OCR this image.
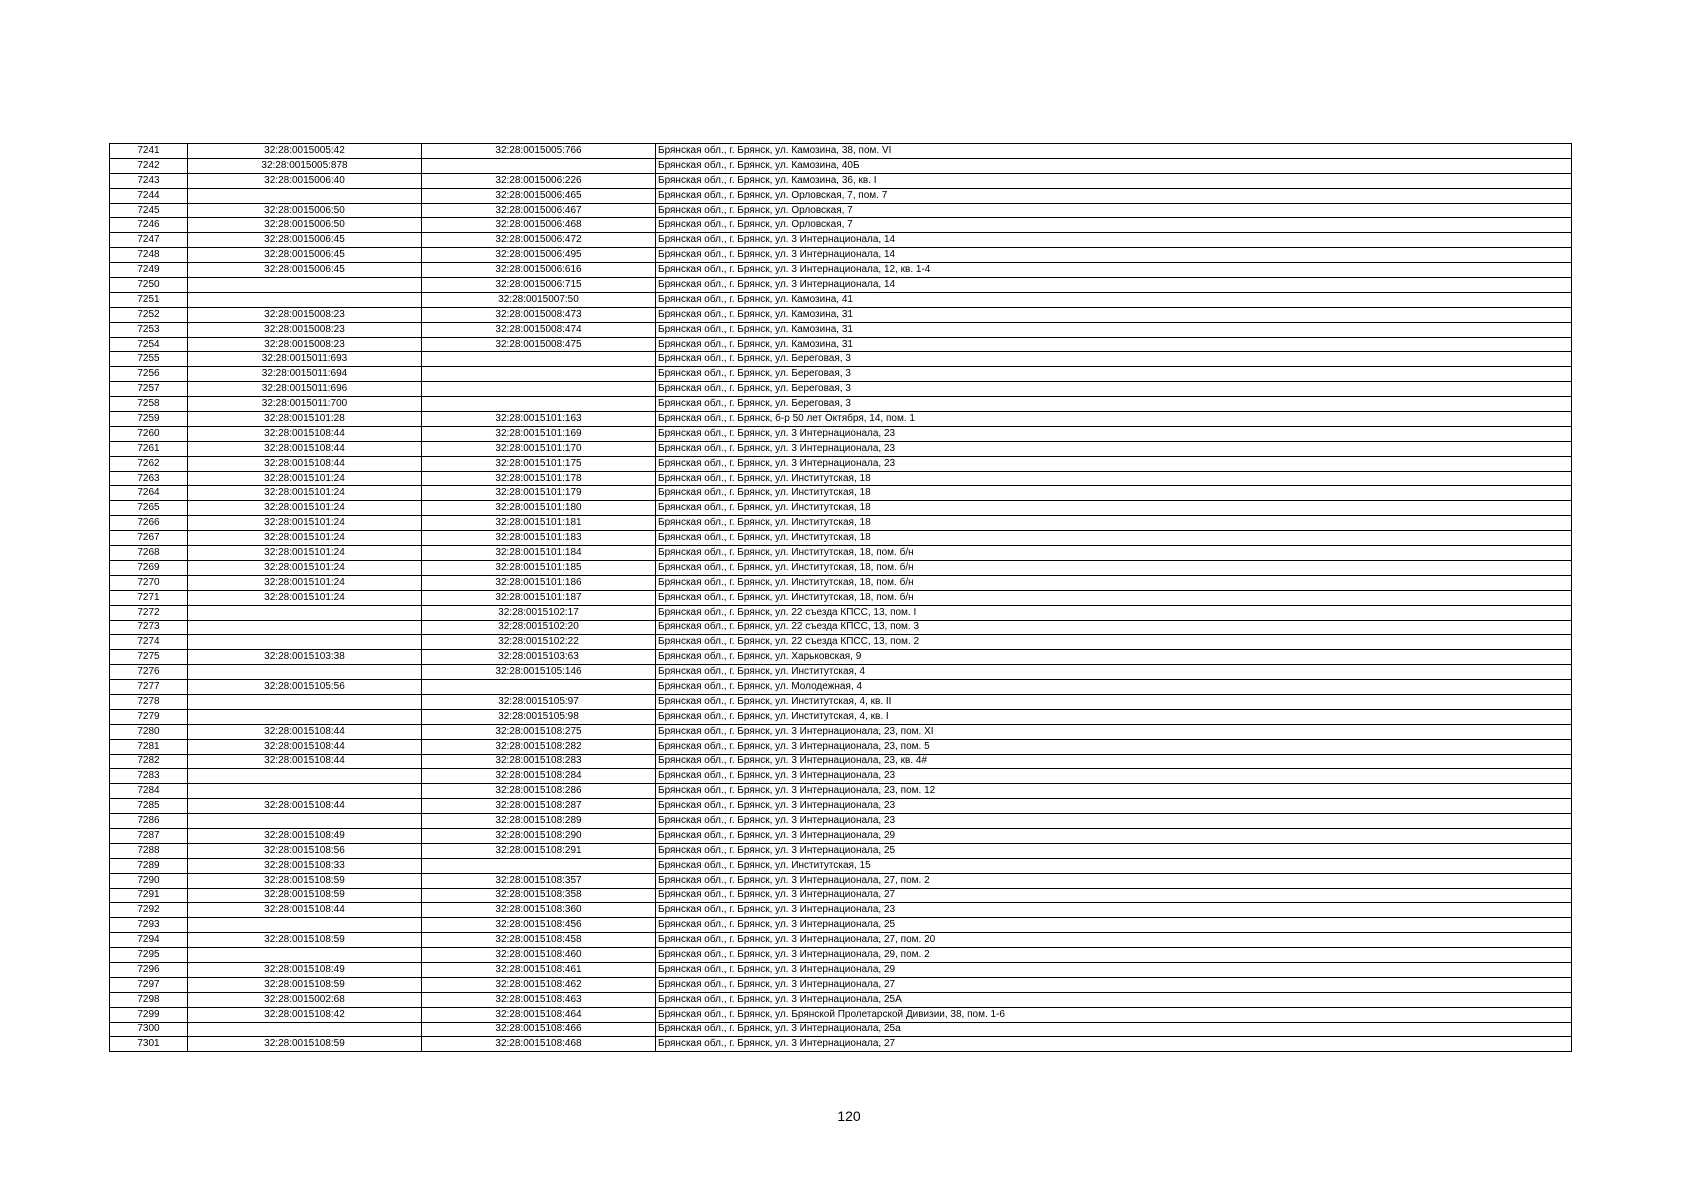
7241	32:28:0015005:42	32:28:0015005:766	Брянская обл., г. Брянск, ул. Камозина, 38, пом. VI
7242	32:28:0015005:878		Брянская обл., г. Брянск, ул. Камозина, 40Б
7243	32:28:0015006:40	32:28:0015006:226	Брянская обл., г. Брянск, ул. Камозина, 36, кв. I
7244		32:28:0015006:465	Брянская обл., г. Брянск, ул. Орловская, 7, пом. 7
7245	32:28:0015006:50	32:28:0015006:467	Брянская обл., г. Брянск, ул. Орловская, 7
7246	32:28:0015006:50	32:28:0015006:468	Брянская обл., г. Брянск, ул. Орловская, 7
7247	32:28:0015006:45	32:28:0015006:472	Брянская обл., г. Брянск, ул. 3 Интернационала, 14
7248	32:28:0015006:45	32:28:0015006:495	Брянская обл., г. Брянск, ул. 3 Интернационала, 14
7249	32:28:0015006:45	32:28:0015006:616	Брянская обл., г. Брянск, ул. 3 Интернационала, 12, кв. 1-4
7250		32:28:0015006:715	Брянская обл., г. Брянск, ул. 3 Интернационала, 14
7251		32:28:0015007:50	Брянская обл., г. Брянск, ул. Камозина, 41
7252	32:28:0015008:23	32:28:0015008:473	Брянская обл., г. Брянск, ул. Камозина, 31
7253	32:28:0015008:23	32:28:0015008:474	Брянская обл., г. Брянск, ул. Камозина, 31
7254	32:28:0015008:23	32:28:0015008:475	Брянская обл., г. Брянск, ул. Камозина, 31
7255	32:28:0015011:693		Брянская обл., г. Брянск, ул. Береговая, 3
7256	32:28:0015011:694		Брянская обл., г. Брянск, ул. Береговая, 3
7257	32:28:0015011:696		Брянская обл., г. Брянск, ул. Береговая, 3
7258	32:28:0015011:700		Брянская обл., г. Брянск, ул. Береговая, 3
7259	32:28:0015101:28	32:28:0015101:163	Брянская обл., г. Брянск, б-р 50 лет Октября, 14, пом. 1
7260	32:28:0015108:44	32:28:0015101:169	Брянская обл., г. Брянск, ул. 3 Интернационала, 23
7261	32:28:0015108:44	32:28:0015101:170	Брянская обл., г. Брянск, ул. 3 Интернационала, 23
7262	32:28:0015108:44	32:28:0015101:175	Брянская обл., г. Брянск, ул. 3 Интернационала, 23
7263	32:28:0015101:24	32:28:0015101:178	Брянская обл., г. Брянск, ул. Институтская, 18
7264	32:28:0015101:24	32:28:0015101:179	Брянская обл., г. Брянск, ул. Институтская, 18
7265	32:28:0015101:24	32:28:0015101:180	Брянская обл., г. Брянск, ул. Институтская, 18
7266	32:28:0015101:24	32:28:0015101:181	Брянская обл., г. Брянск, ул. Институтская, 18
7267	32:28:0015101:24	32:28:0015101:183	Брянская обл., г. Брянск, ул. Институтская, 18
7268	32:28:0015101:24	32:28:0015101:184	Брянская обл., г. Брянск, ул. Институтская, 18, пом. б/н
7269	32:28:0015101:24	32:28:0015101:185	Брянская обл., г. Брянск, ул. Институтская, 18, пом. б/н
7270	32:28:0015101:24	32:28:0015101:186	Брянская обл., г. Брянск, ул. Институтская, 18, пом. б/н
7271	32:28:0015101:24	32:28:0015101:187	Брянская обл., г. Брянск, ул. Институтская, 18, пом. б/н
7272		32:28:0015102:17	Брянская обл., г. Брянск, ул. 22 съезда КПСС, 13, пом. I
7273		32:28:0015102:20	Брянская обл., г. Брянск, ул. 22 съезда КПСС, 13, пом. 3
7274		32:28:0015102:22	Брянская обл., г. Брянск, ул. 22 съезда КПСС, 13, пом. 2
7275	32:28:0015103:38	32:28:0015103:63	Брянская обл., г. Брянск, ул. Харьковская, 9
7276		32:28:0015105:146	Брянская обл., г. Брянск, ул. Институтская, 4
7277	32:28:0015105:56		Брянская обл., г. Брянск, ул. Молодежная, 4
7278		32:28:0015105:97	Брянская обл., г. Брянск, ул. Институтская, 4, кв. II
7279		32:28:0015105:98	Брянская обл., г. Брянск, ул. Институтская, 4, кв. I
7280	32:28:0015108:44	32:28:0015108:275	Брянская обл., г. Брянск, ул. 3 Интернационала, 23, пом. XI
7281	32:28:0015108:44	32:28:0015108:282	Брянская обл., г. Брянск, ул. 3 Интернационала, 23, пом. 5
7282	32:28:0015108:44	32:28:0015108:283	Брянская обл., г. Брянск, ул. 3 Интернационала, 23, кв. 4#
7283		32:28:0015108:284	Брянская обл., г. Брянск, ул. 3 Интернационала, 23
7284		32:28:0015108:286	Брянская обл., г. Брянск, ул. 3 Интернационала, 23, пом. 12
7285	32:28:0015108:44	32:28:0015108:287	Брянская обл., г. Брянск, ул. 3 Интернационала, 23
7286		32:28:0015108:289	Брянская обл., г. Брянск, ул. 3 Интернационала, 23
7287	32:28:0015108:49	32:28:0015108:290	Брянская обл., г. Брянск, ул. 3 Интернационала, 29
7288	32:28:0015108:56	32:28:0015108:291	Брянская обл., г. Брянск, ул. 3 Интернационала, 25
7289	32:28:0015108:33		Брянская обл., г. Брянск, ул. Институтская, 15
7290	32:28:0015108:59	32:28:0015108:357	Брянская обл., г. Брянск, ул. 3 Интернационала, 27, пом. 2
7291	32:28:0015108:59	32:28:0015108:358	Брянская обл., г. Брянск, ул. 3 Интернационала, 27
7292	32:28:0015108:44	32:28:0015108:360	Брянская обл., г. Брянск, ул. 3 Интернационала, 23
7293		32:28:0015108:456	Брянская обл., г. Брянск, ул. 3 Интернационала, 25
7294	32:28:0015108:59	32:28:0015108:458	Брянская обл., г. Брянск, ул. 3 Интернационала, 27, пом. 20
7295		32:28:0015108:460	Брянская обл., г. Брянск, ул. 3 Интернационала, 29, пом. 2
7296	32:28:0015108:49	32:28:0015108:461	Брянская обл., г. Брянск, ул. 3 Интернационала, 29
7297	32:28:0015108:59	32:28:0015108:462	Брянская обл., г. Брянск, ул. 3 Интернационала, 27
7298	32:28:0015002:68	32:28:0015108:463	Брянская обл., г. Брянск, ул. 3 Интернационала, 25А
7299	32:28:0015108:42	32:28:0015108:464	Брянская обл., г. Брянск, ул. Брянской Пролетарской Дивизии, 38, пом. 1-6
7300		32:28:0015108:466	Брянская обл., г. Брянск, ул. 3 Интернационала, 25а
7301	32:28:0015108:59	32:28:0015108:468	Брянская обл., г. Брянск, ул. 3 Интернационала, 27
120
